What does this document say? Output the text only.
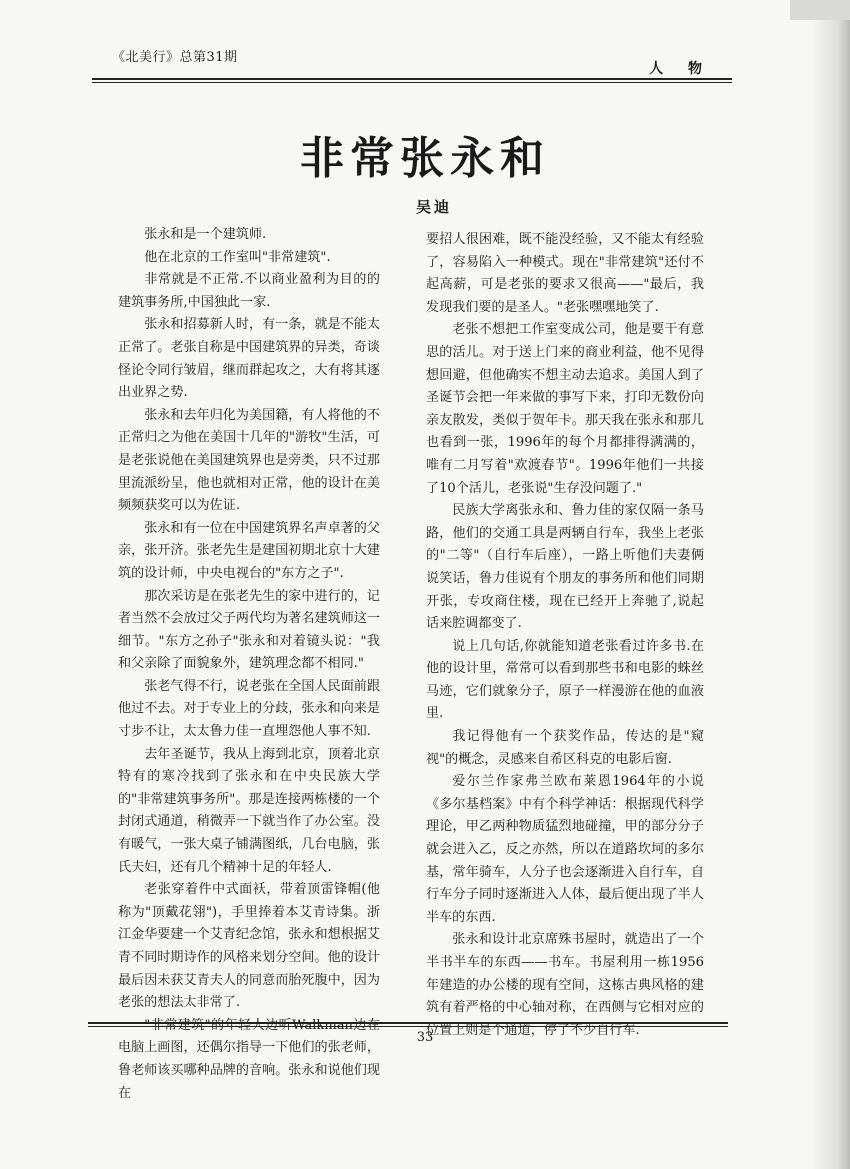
《北美行》总第31期
人 物
非常张永和
吴迪

张永和是一个建筑师.

他在北京的工作室叫"非常建筑".

非常就是不正常.不以商业盈利为目的的建筑事务所,中国独此一家.

张永和招募新人时，有一条，就是不能太正常了。老张自称是中国建筑界的异类，奇谈怪论令同行皱眉，继而群起攻之，大有将其逐出业界之势.

张永和去年归化为美国籍，有人将他的不正常归之为他在美国十几年的"游牧"生活，可是老张说他在美国建筑界也是旁类，只不过那里流派纷呈，他也就相对正常，他的设计在美频频获奖可以为佐证.

张永和有一位在中国建筑界名声卓著的父亲，张开济。张老先生是建国初期北京十大建筑的设计师，中央电视台的"东方之子".

那次采访是在张老先生的家中进行的，记者当然不会放过父子两代均为著名建筑师这一细节。"东方之孙子"张永和对着镜头说："我和父亲除了面貌象外，建筑理念都不相同."

张老气得不行，说老张在全国人民面前跟他过不去。对于专业上的分歧，张永和向来是寸步不让，太太鲁力佳一直埋怨他人事不知.

去年圣诞节，我从上海到北京，顶着北京特有的寒冷找到了张永和在中央民族大学的"非常建筑事务所"。那是连接两栋楼的一个封闭式通道，稍微弄一下就当作了办公室。没有暖气，一张大桌子铺满图纸，几台电脑，张氏夫妇，还有几个精神十足的年轻人.

老张穿着件中式面袄，带着顶雷锋帽(他称为"顶戴花翎")，手里捧着本艾青诗集。浙江金华要建一个艾青纪念馆，张永和想根据艾青不同时期诗作的风格来划分空间。他的设计最后因未获艾青夫人的同意而胎死腹中，因为老张的想法太非常了.

"非常建筑"的年轻人边听Walkman边在电脑上画图，还偶尔指导一下他们的张老师，鲁老师该买哪种品牌的音响。张永和说他们现在

要招人很困难，既不能没经验，又不能太有经验了，容易陷入一种模式。现在"非常建筑"还付不起高薪，可是老张的要求又很高——"最后，我发现我们要的是圣人。"老张嘿嘿地笑了.

老张不想把工作室变成公司，他是要干有意思的活儿。对于送上门来的商业利益，他不见得想回避，但他确实不想主动去追求。美国人到了圣诞节会把一年来做的事写下来，打印无数份向亲友散发，类似于贺年卡。那天我在张永和那儿也看到一张，1996年的每个月都排得满满的，唯有二月写着"欢渡春节"。1996年他们一共接了10个活儿，老张说"生存没问题了."

民族大学离张永和、鲁力佳的家仅隔一条马路，他们的交通工具是两辆自行车，我坐上老张的"二等"（自行车后座），一路上听他们夫妻俩说笑话，鲁力佳说有个朋友的事务所和他们同期开张，专攻商住楼，现在已经开上奔驰了,说起话来腔调都变了.

说上几句话,你就能知道老张看过许多书.在他的设计里，常常可以看到那些书和电影的蛛丝马迹，它们就象分子，原子一样漫游在他的血液里.

我记得他有一个获奖作品，传达的是"窥视"的概念，灵感来自希区科克的电影后窗.

爱尔兰作家弗兰欧布莱恩1964年的小说《多尔基档案》中有个科学神话：根据现代科学理论，甲乙两种物质猛烈地碰撞，甲的部分分子就会进入乙，反之亦然，所以在道路坎坷的多尔基，常年骑车，人分子也会逐渐进入自行车，自行车分子同时逐渐进入人体，最后便出现了半人半车的东西.

张永和设计北京席殊书屋时，就造出了一个半书半车的东西——书车。书屋利用一栋1956年建造的办公楼的现有空间，这栋古典风格的建筑有着严格的中心轴对称，在西侧与它相对应的位置上则是个通道，停了不少自行车.

33
